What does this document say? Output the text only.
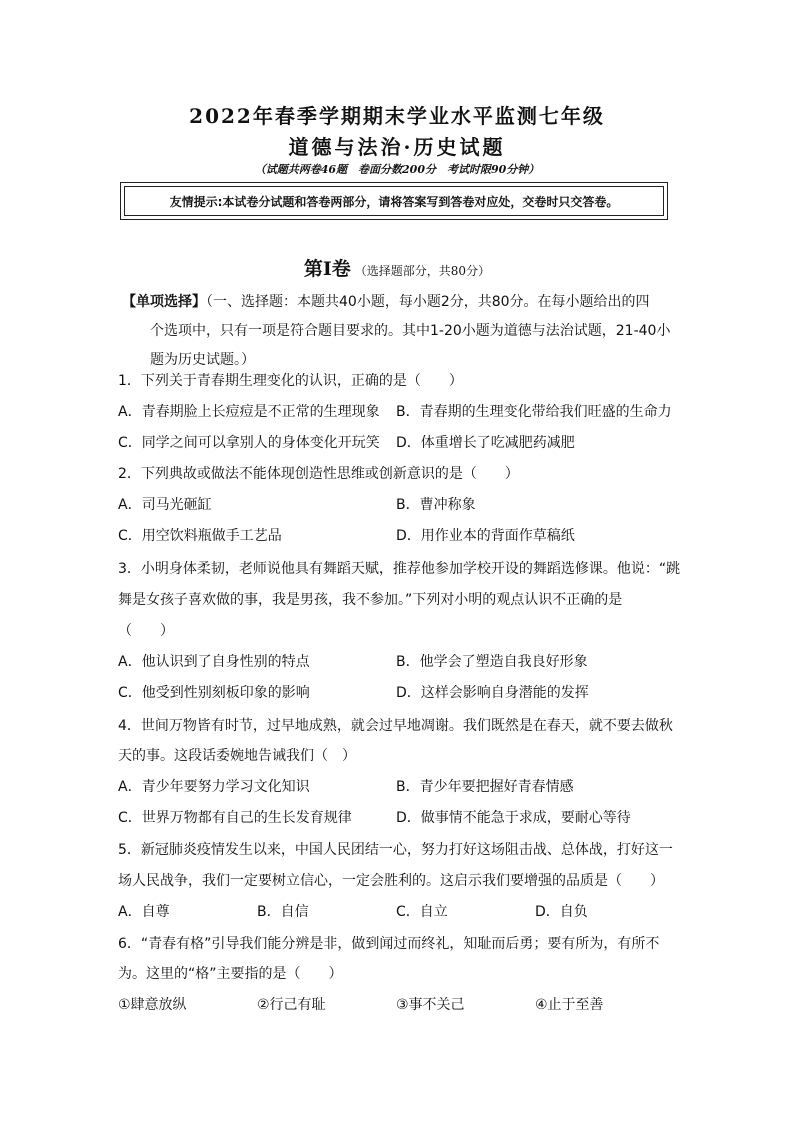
2022年春季学期期末学业水平监测七年级
道德与法治·历史试题
（试题共两卷46题　卷面分数200分　考试时限90分钟）
友情提示:本试卷分试题和答卷两部分，请将答案写到答卷对应处，交卷时只交答卷。
第Ⅰ卷 （选择题部分，共80分）
【单项选择】（一、选择题：本题共40小题，每小题2分，共80分。在每小题给出的四
个选项中，只有一项是符合题目要求的。其中1-20小题为道德与法治试题，21-40小
题为历史试题。）
1．下列关于青春期生理变化的认识，正确的是（　　）
A．青春期脸上长痘痘是不正常的生理现象 B．青春期的生理变化带给我们旺盛的生命力
C．同学之间可以拿别人的身体变化开玩笑 D．体重增长了吃减肥药减肥
2．下列典故或做法不能体现创造性思维或创新意识的是（　　）
A．司马光砸缸	B．曹冲称象
C．用空饮料瓶做手工艺品	D．用作业本的背面作草稿纸
3．小明身体柔韧，老师说他具有舞蹈天赋，推荐他参加学校开设的舞蹈选修课。他说：“跳
舞是女孩子喜欢做的事，我是男孩，我不参加。”下列对小明的观点认识不正确的是
（　　）
A．他认识到了自身性别的特点	B．他学会了塑造自我良好形象
C．他受到性别刻板印象的影响	D．这样会影响自身潜能的发挥
4．世间万物皆有时节，过早地成熟，就会过早地凋谢。我们既然是在春天，就不要去做秋
天的事。这段话委婉地告诫我们（　）
A．青少年要努力学习文化知识	B．青少年要把握好青春情感
C．世界万物都有自己的生长发育规律	D．做事情不能急于求成，要耐心等待
5．新冠肺炎疫情发生以来，中国人民团结一心，努力打好这场阻击战、总体战，打好这一
场人民战争，我们一定要树立信心，一定会胜利的。这启示我们要增强的品质是（　　）
A．自尊	B．自信	C．自立	D．自负
6．“青春有格”引导我们能分辨是非，做到闻过而终礼，知耻而后勇；要有所为，有所不
为。这里的“格”主要指的是（　　）
①肆意放纵	②行己有耻	③事不关己	④止于至善
